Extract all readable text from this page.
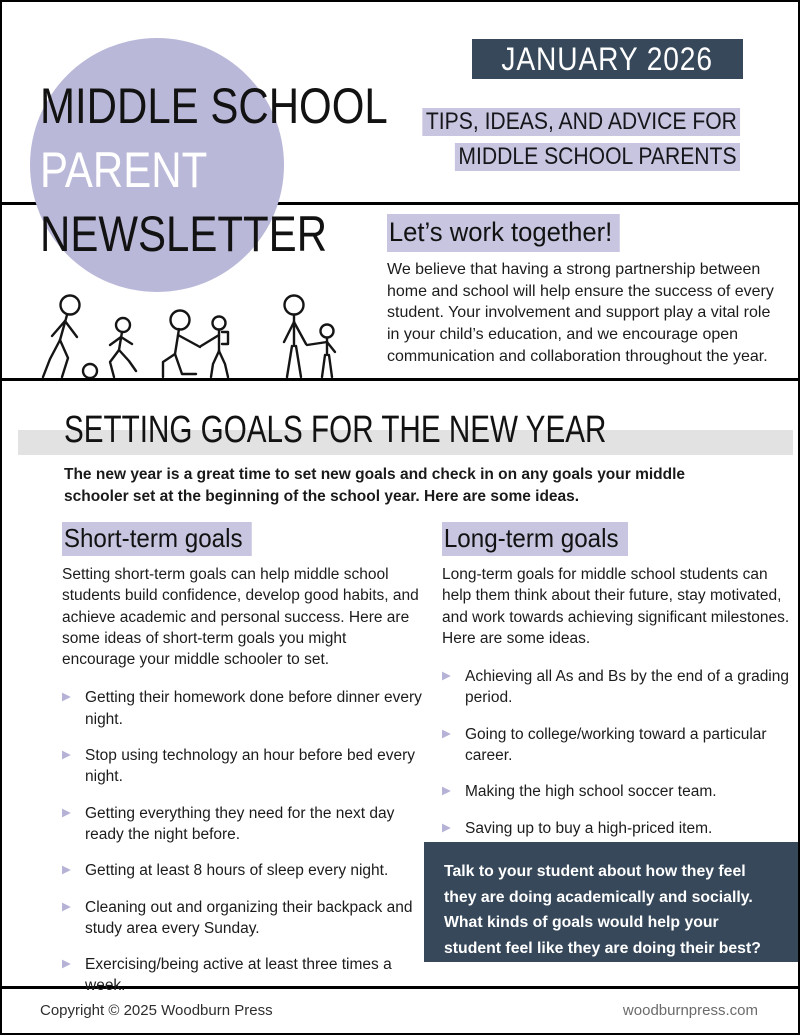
MIDDLE SCHOOL
PARENT
NEWSLETTER
JANUARY 2026
TIPS, IDEAS, AND ADVICE FOR
MIDDLE SCHOOL PARENTS
Let’s work together!

We believe that having a strong partnership between home and school will help ensure the success of every student. Your involvement and support play a vital role in your child’s education, and we encourage open communication and collaboration throughout the year.

SETTING GOALS FOR THE NEW YEAR

The new year is a great time to set new goals and check in on any goals your middle schooler set at the beginning of the school year. Here are some ideas.

Short-term goals

Setting short-term goals can help middle school students build confidence, develop good habits, and achieve academic and personal success. Here are some ideas of short-term goals you might encourage your middle schooler to set.

▶ Getting their homework done before dinner every night.
▶ Stop using technology an hour before bed every night.
▶ Getting everything they need for the next day ready the night before.
▶ Getting at least 8 hours of sleep every night.
▶ Cleaning out and organizing their backpack and study area every Sunday.
▶ Exercising/being active at least three times a week.
Long-term goals

Long-term goals for middle school students can help them think about their future, stay motivated, and work towards achieving significant milestones. Here are some ideas.

▶ Achieving all As and Bs by the end of a grading period.
▶ Going to college/working toward a particular career.
▶ Making the high school soccer team.
▶ Saving up to buy a high-priced item.

Talk to your student about how they feel they are doing academically and socially. What kinds of goals would help your student feel like they are doing their best?

Copyright © 2025 Woodburn Press	woodburnpress.com
